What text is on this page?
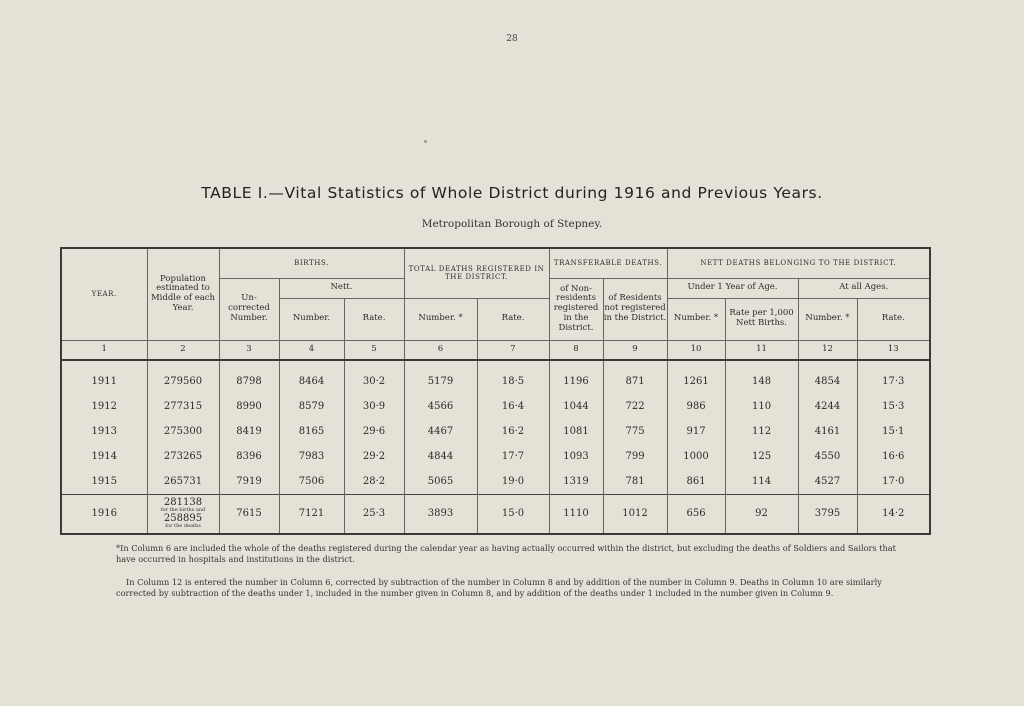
28
TABLE I.—Vital Statistics of Whole District during 1916 and Previous Years.
Metropolitan Borough of Stepney.
YEAR.	Population estimated to Middle of each Year.	BIRTHS.			TOTAL DEATHS REGISTERED IN THE DISTRICT.		TRANSFERABLE DEATHS.		NETT DEATHS BELONGING TO THE DISTRICT.			
		Un- corrected Number.	Nett.				of Non- residents registered in the District.	of Residents not registered in the District.	Under 1 Year of Age.		At all Ages.	
			Number.	Rate.	Number. *	Rate.			Number. *	Rate per 1,000 Nett Births.	Number. *	Rate.
1	2	3	4	5	6	7	8	9	10	11	12	13
1911	279560	8798	8464	30·2	5179	18·5	1196	871	1261	148	4854	17·3
1912	277315	8990	8579	30·9	4566	16·4	1044	722	986	110	4244	15·3
1913	275300	8419	8165	29·6	4467	16·2	1081	775	917	112	4161	15·1
1914	273265	8396	7983	29·2	4844	17·7	1093	799	1000	125	4550	16·6
1915	265731	7919	7506	28·2	5065	19·0	1319	781	861	114	4527	17·0
1916	281138
for the births and
258895
for the deaths	7615	7121	25·3	3893	15·0	1110	1012	656	92	3795	14·2

*In Column 6 are included the whole of the deaths registered during the calendar year as having actually occurred within the district, but excluding the deaths of Soldiers and Sailors that have occurred in hospitals and institutions in the district.

In Column 12 is entered the number in Column 6, corrected by subtraction of the number in Column 8 and by addition of the number in Column 9. Deaths in Column 10 are similarly corrected by subtraction of the deaths under 1, included in the number given in Column 8, and by addition of the deaths under 1 included in the number given in Column 9.
